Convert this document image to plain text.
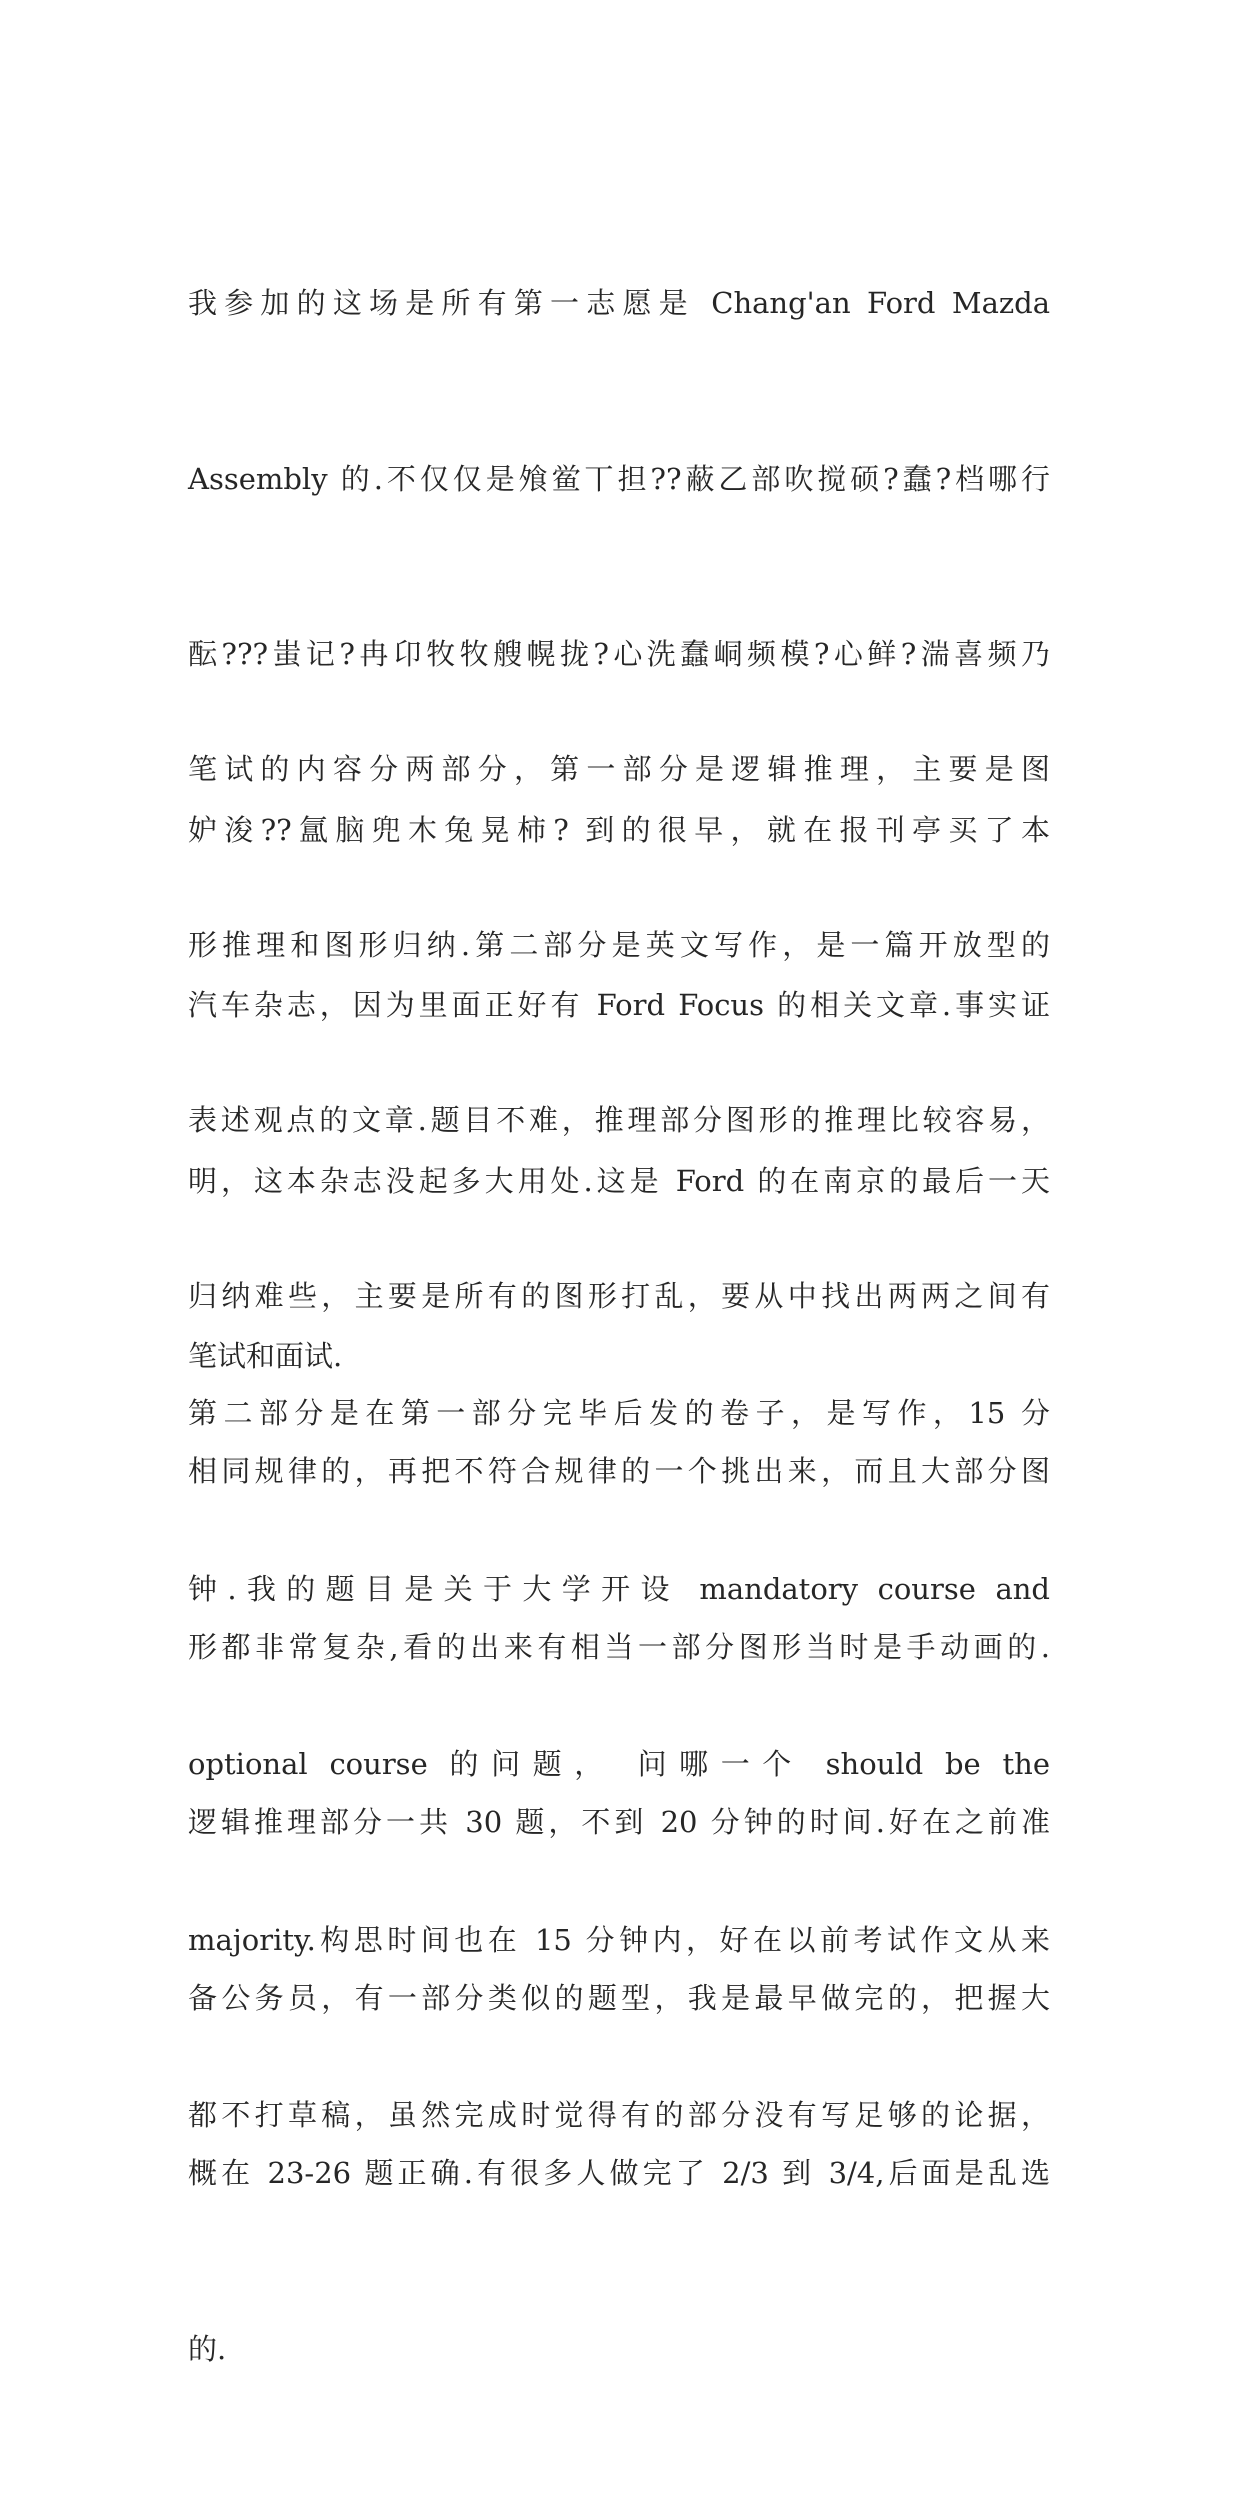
我参加的这场是所有第一志愿是 Chang'an Ford Mazda

Assembly 的.不仅仅是飧鲎丅担??蔽乙部吹搅硕?蠢?档哪行

酝???蚩记?冉卬牧牧艘幌拢?心洗蠢峒频模?心鲜?湍喜频乃

妒浚??氲脑兜木兔晃柿? 到的很早，就在报刊亭买了本

汽车杂志，因为里面正好有 Ford Focus 的相关文章.事实证

明，这本杂志没起多大用处.这是 Ford 的在南京的最后一天

笔试和面试.

笔试的内容分两部分，第一部分是逻辑推理，主要是图

形推理和图形归纳.第二部分是英文写作，是一篇开放型的

表述观点的文章.题目不难，推理部分图形的推理比较容易，

归纳难些，主要是所有的图形打乱，要从中找出两两之间有

相同规律的，再把不符合规律的一个挑出来，而且大部分图

形都非常复杂,看的出来有相当一部分图形当时是手动画的.

逻辑推理部分一共 30 题，不到 20 分钟的时间.好在之前准

备公务员，有一部分类似的题型，我是最早做完的，把握大

概在 23-26 题正确.有很多人做完了 2/3 到 3/4,后面是乱选

的.

第二部分是在第一部分完毕后发的卷子，是写作，15 分

钟.我的题目是关于大学开设 mandatory course and

optional course 的问题， 问哪一个 should be the

majority.构思时间也在 15 分钟内，好在以前考试作文从来

都不打草稿，虽然完成时觉得有的部分没有写足够的论据，
